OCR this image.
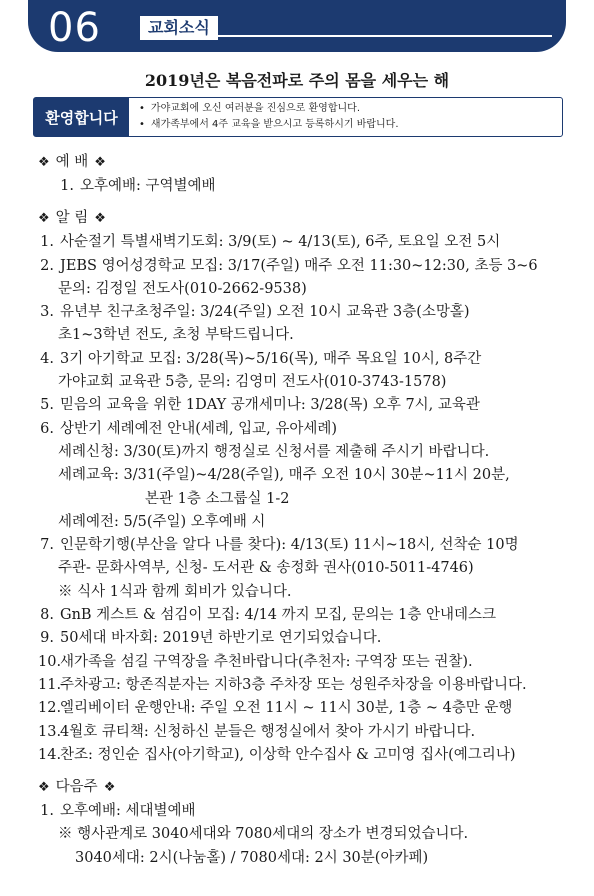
06	교회소식
2019년은 복음전파로 주의 몸을 세우는 해
환영합니다
•	가야교회에 오신 여러분을 진심으로 환영합니다.
• 새가족부에서 4주 교육을 받으시고 등록하시기 바랍니다.
❖ 예 배 ❖
1. 오후예배: 구역별예배
❖ 알 림 ❖
1. 사순절기 특별새벽기도회: 3/9(토) ~ 4/13(토), 6주, 토요일 오전 5시
2. JEBS 영어성경학교 모집: 3/17(주일) 매주 오전 11:30~12:30, 초등 3~6
문의: 김정일 전도사(010-2662-9538)
3. 유년부 친구초청주일: 3/24(주일) 오전 10시 교육관 3층(소망홀)
초1~3학년 전도, 초청 부탁드립니다.
4. 3기 아기학교 모집: 3/28(목)~5/16(목), 매주 목요일 10시, 8주간
가야교회 교육관 5층, 문의: 김영미 전도사(010-3743-1578)
5. 믿음의 교육을 위한 1DAY 공개세미나: 3/28(목) 오후 7시, 교육관
6. 상반기 세례예전 안내(세례, 입교, 유아세례)
세례신청: 3/30(토)까지 행정실로 신청서를 제출해 주시기 바랍니다.
세례교육: 3/31(주일)~4/28(주일), 매주 오전 10시 30분~11시 20분,
본관 1층 소그룹실 1-2
세례예전: 5/5(주일) 오후예배 시
7. 인문학기행(부산을 알다 나를 찾다): 4/13(토) 11시~18시, 선착순 10명
주관- 문화사역부, 신청- 도서관 & 송정화 권사(010-5011-4746)
※ 식사 1식과 함께 회비가 있습니다.
8. GnB 게스트 & 섬김이 모집: 4/14 까지 모집, 문의는 1층 안내데스크
9. 50세대 바자회: 2019년 하반기로 연기되었습니다.
10.새가족을 섬길 구역장을 추천바랍니다(추천자: 구역장 또는 권찰).
11.주차광고: 항존직분자는 지하3층 주차장 또는 성원주차장을 이용바랍니다.
12.엘리베이터 운행안내: 주일 오전 11시 ~ 11시 30분, 1층 ~ 4층만 운행
13.4월호 큐티책: 신청하신 분들은 행정실에서 찾아 가시기 바랍니다.
14.찬조: 정인순 집사(아기학교), 이상학 안수집사 & 고미영 집사(예그리나)
❖ 다음주 ❖
1. 오후예배: 세대별예배
※ 행사관계로 3040세대와 7080세대의 장소가 변경되었습니다.
3040세대: 2시(나눔홀) / 7080세대: 2시 30분(아카페)
